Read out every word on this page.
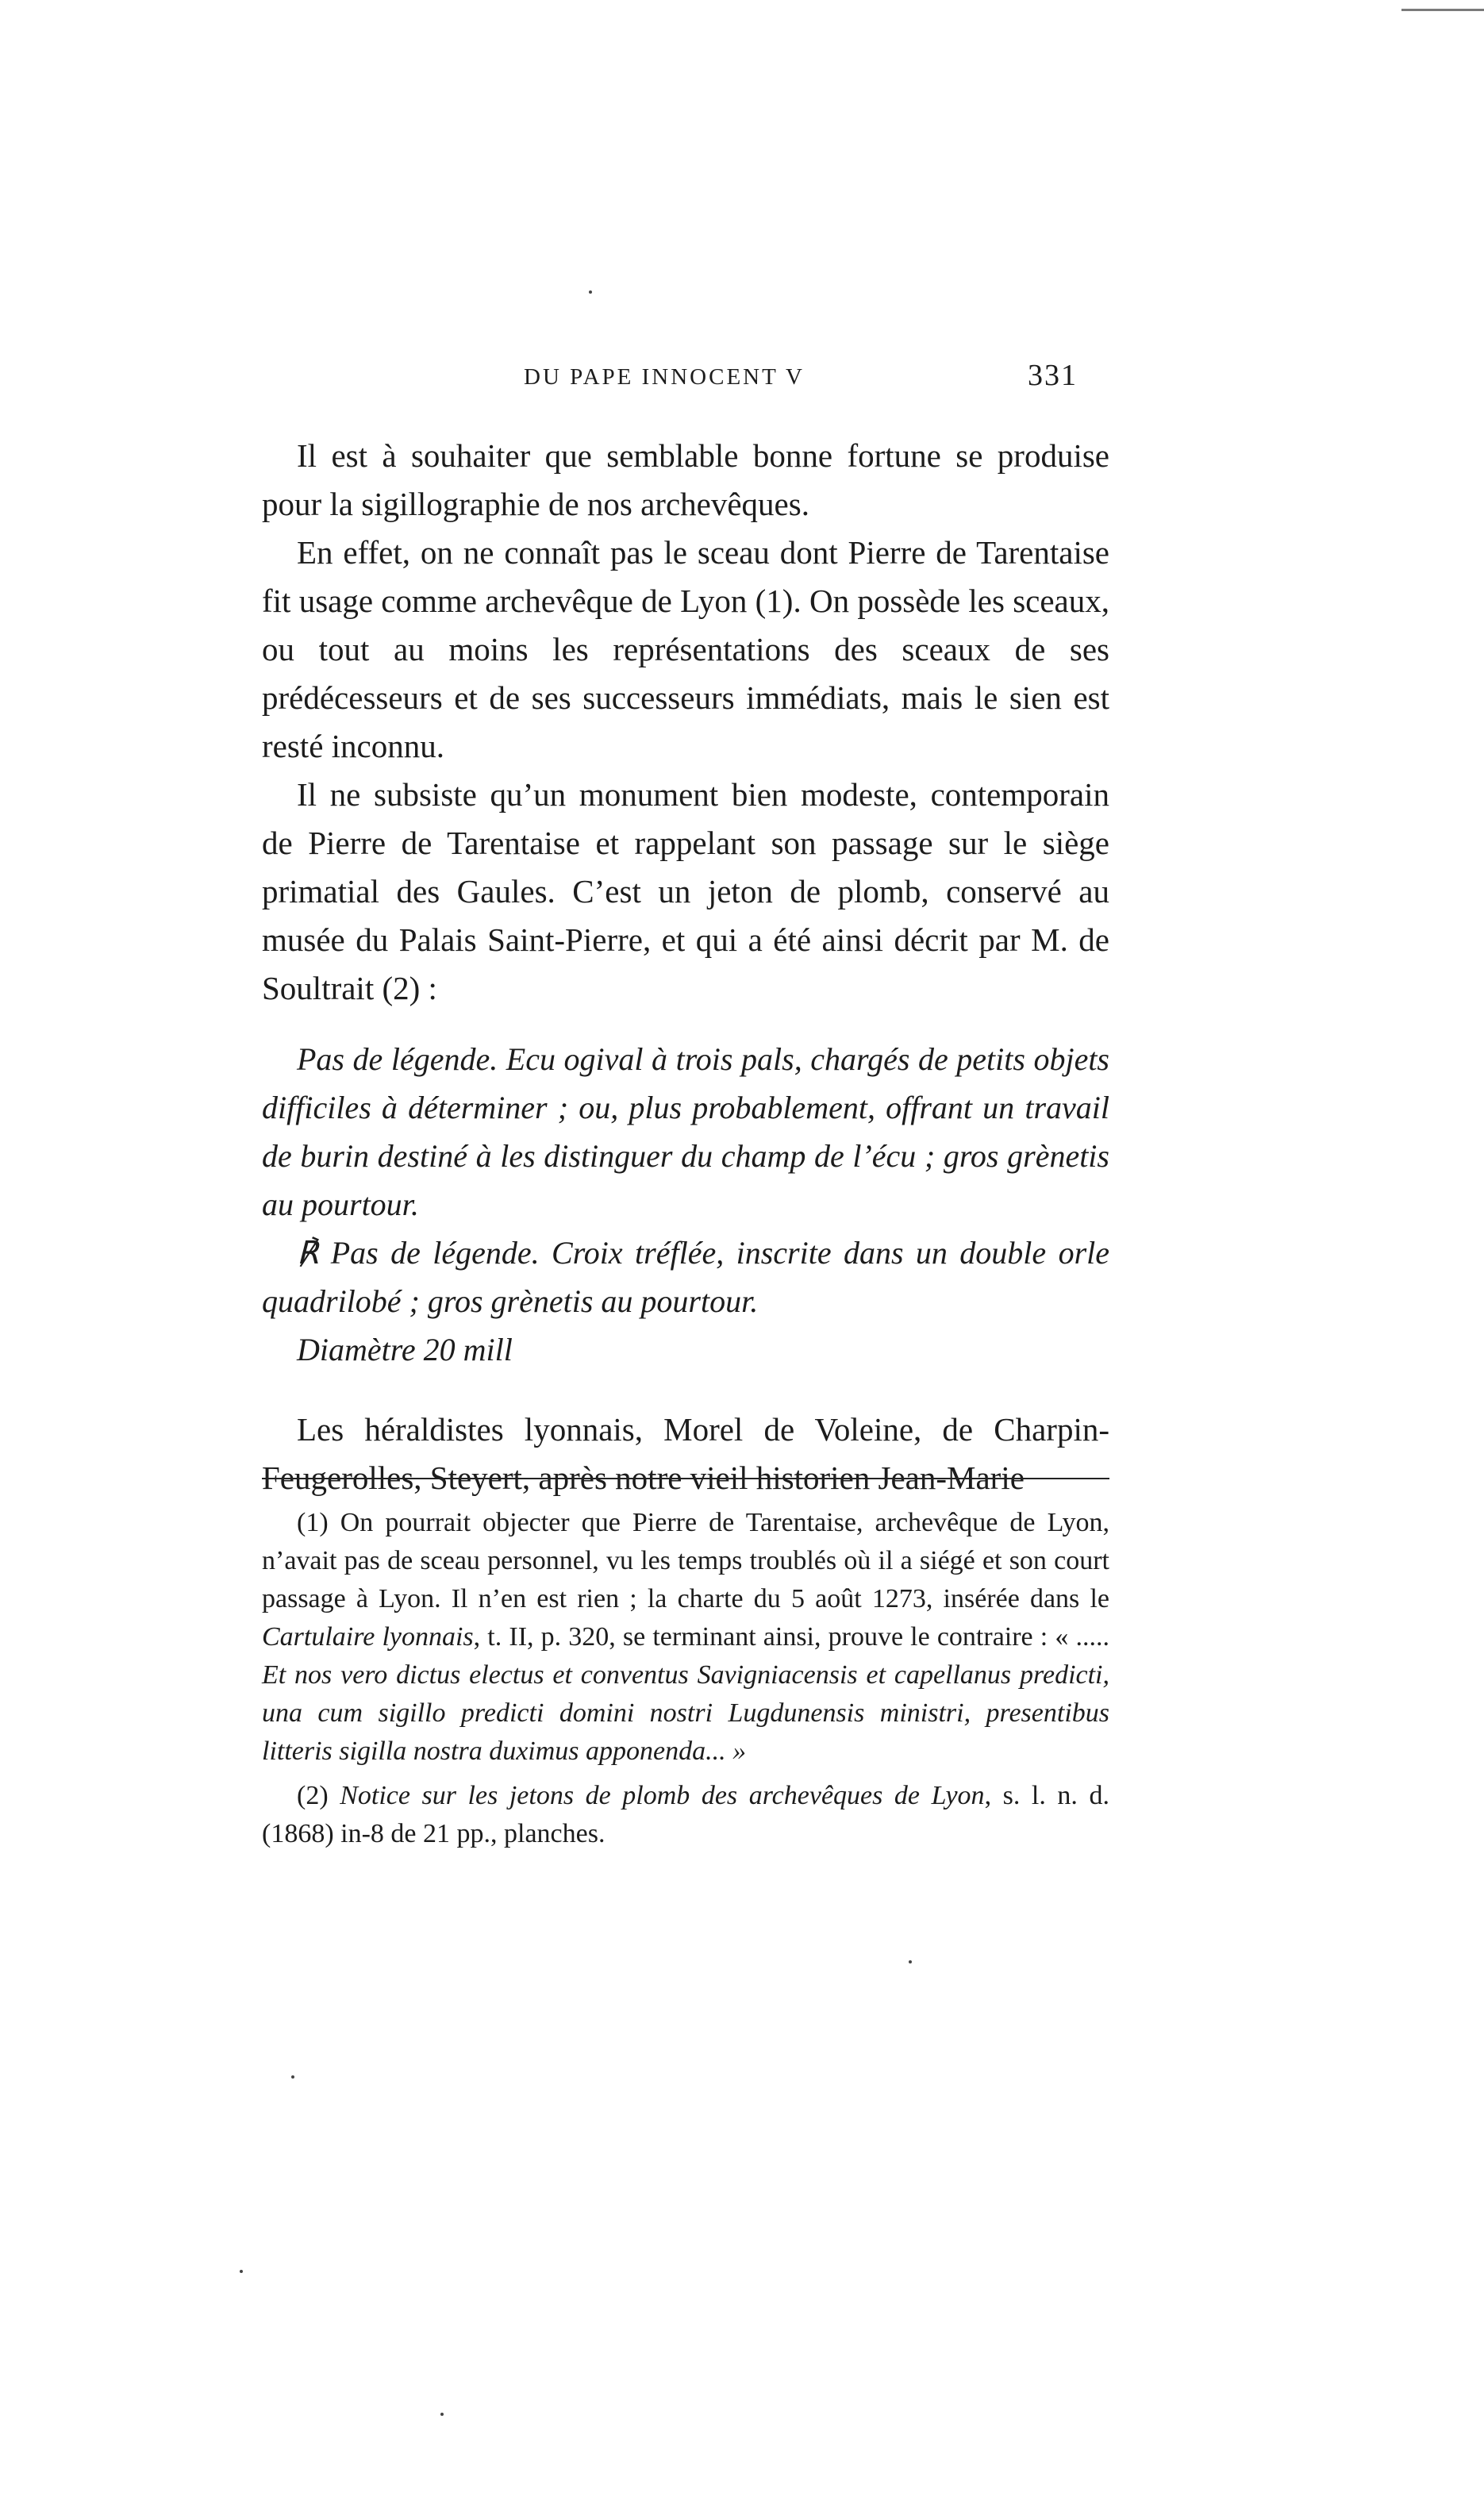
DU PAPE INNOCENT V	331

Il est à souhaiter que semblable bonne fortune se produise pour la sigillographie de nos archevêques.

En effet, on ne connaît pas le sceau dont Pierre de Tarentaise fit usage comme archevêque de Lyon (1). On possède les sceaux, ou tout au moins les représentations des sceaux de ses prédécesseurs et de ses successeurs immédiats, mais le sien est resté inconnu.

Il ne subsiste qu’un monument bien modeste, contemporain de Pierre de Tarentaise et rappelant son passage sur le siège primatial des Gaules. C’est un jeton de plomb, conservé au musée du Palais Saint-Pierre, et qui a été ainsi décrit par M. de Soultrait (2) :

Pas de légende. Ecu ogival à trois pals, chargés de petits objets difficiles à déterminer ; ou, plus probablement, offrant un travail de burin destiné à les distinguer du champ de l’écu ; gros grènetis au pourtour.

℟ Pas de légende. Croix tréflée, inscrite dans un double orle quadrilobé ; gros grènetis au pourtour.

Diamètre 20 mill

Les héraldistes lyonnais, Morel de Voleine, de Charpin-Feugerolles, Steyert, après notre vieil historien Jean-Marie

(1) On pourrait objecter que Pierre de Tarentaise, archevêque de Lyon, n’avait pas de sceau personnel, vu les temps troublés où il a siégé et son court passage à Lyon. Il n’en est rien ; la charte du 5 août 1273, insérée dans le Cartulaire lyonnais, t. II, p. 320, se terminant ainsi, prouve le contraire : « ..... Et nos vero dictus electus et conventus Savigniacensis et capellanus predicti, una cum sigillo predicti domini nostri Lugdunensis ministri, presentibus litteris sigilla nostra duximus apponenda... »

(2) Notice sur les jetons de plomb des archevêques de Lyon, s. l. n. d. (1868) in-8 de 21 pp., planches.
